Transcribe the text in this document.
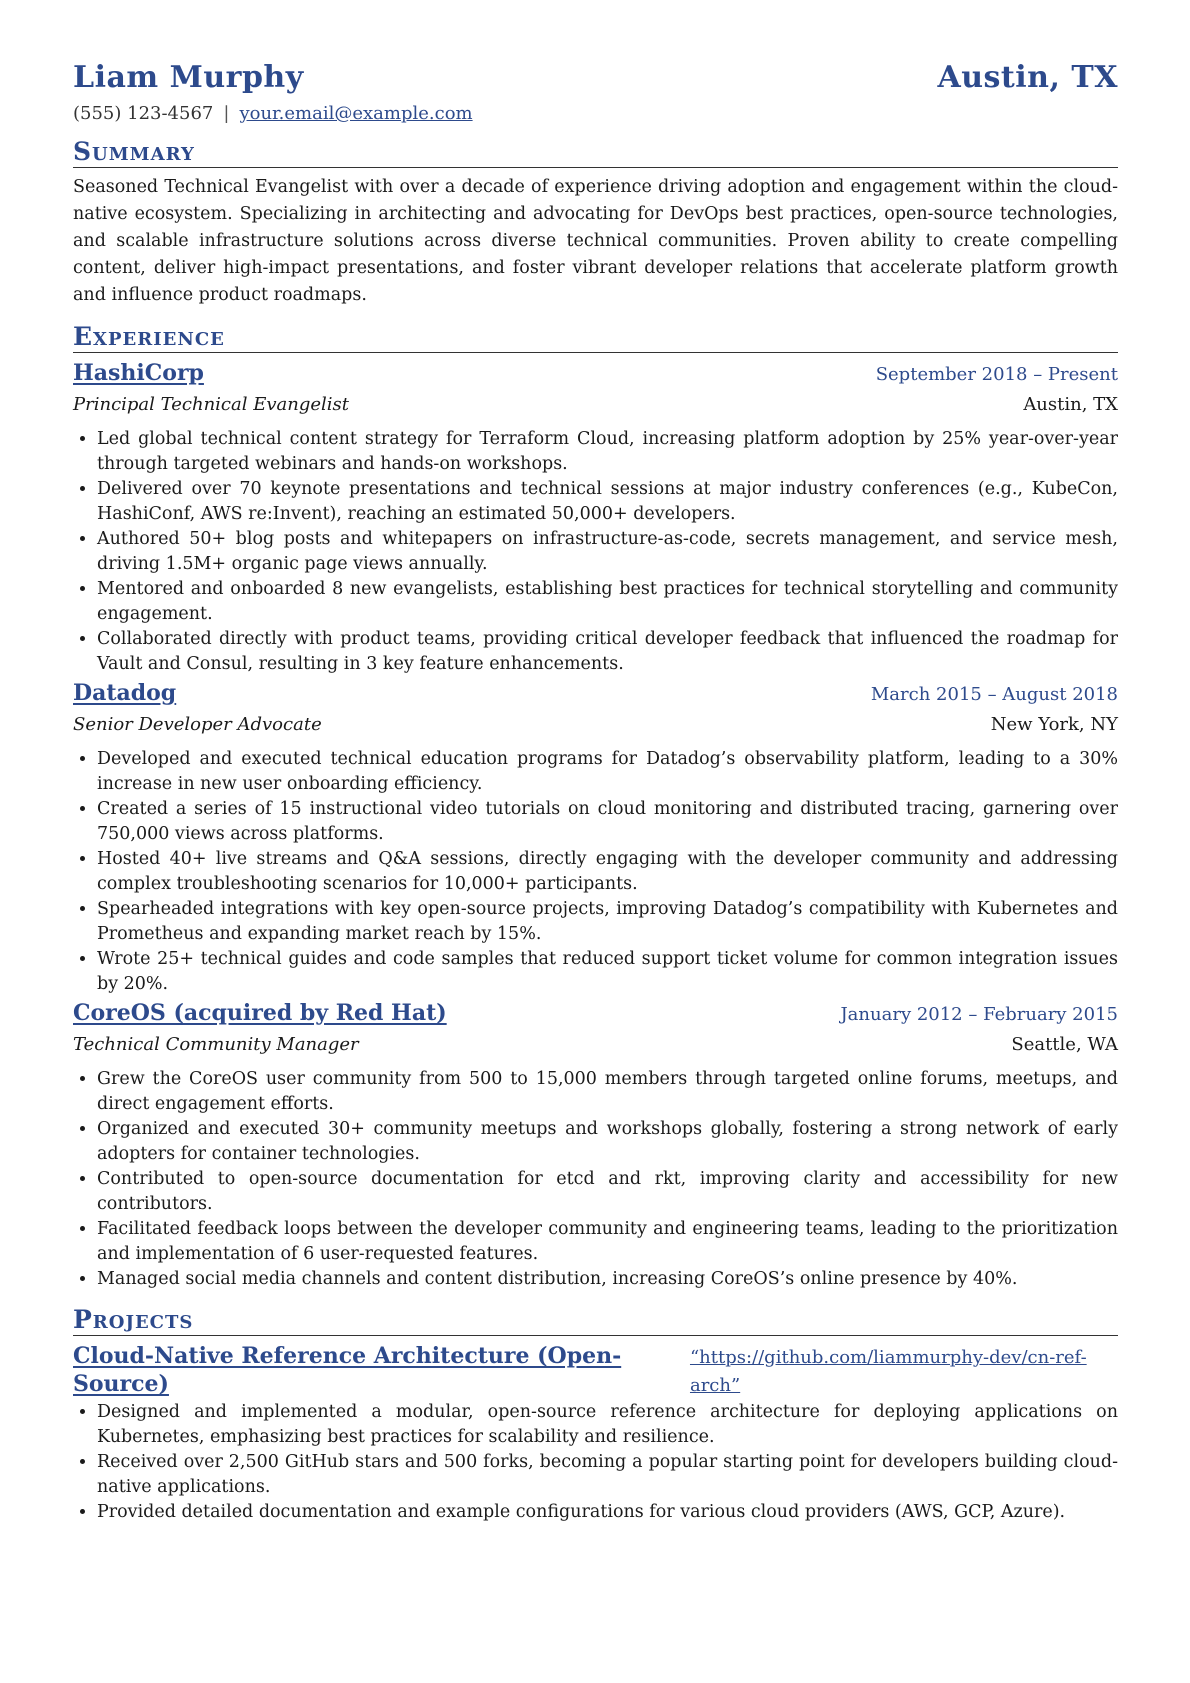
Liam Murphy	Austin, TX
(555) 123-4567 | your.email@example.com
Summary

Seasoned Technical Evangelist with over a decade of experience driving adoption and engagement within the cloud-native ecosystem. Specializing in architecting and advocating for DevOps best practices, open-source technologies, and scalable infrastructure solutions across diverse technical communities. Proven ability to create compelling content, deliver high-impact presentations, and foster vibrant developer relations that accelerate platform growth and influence product roadmaps.

Experience
HashiCorp	September 2018 – Present
Principal Technical Evangelist	Austin, TX
• Led global technical content strategy for Terraform Cloud, increasing platform adoption by 25% year-over-year through targeted webinars and hands-on workshops.
• Delivered over 70 keynote presentations and technical sessions at major industry conferences (e.g., KubeCon, HashiConf, AWS re:Invent), reaching an estimated 50,000+ developers.
• Authored 50+ blog posts and whitepapers on infrastructure-as-code, secrets management, and service mesh, driving 1.5M+ organic page views annually.
• Mentored and onboarded 8 new evangelists, establishing best practices for technical storytelling and community engagement.
• Collaborated directly with product teams, providing critical developer feedback that influenced the roadmap for Vault and Consul, resulting in 3 key feature enhancements.
Datadog	March 2015 – August 2018
Senior Developer Advocate	New York, NY
• Developed and executed technical education programs for Datadog’s observability platform, leading to a 30% increase in new user onboarding efficiency.
• Created a series of 15 instructional video tutorials on cloud monitoring and distributed tracing, garnering over 750,000 views across platforms.
• Hosted 40+ live streams and Q&A sessions, directly engaging with the developer community and addressing complex troubleshooting scenarios for 10,000+ participants.
• Spearheaded integrations with key open-source projects, improving Datadog’s compatibility with Kubernetes and Prometheus and expanding market reach by 15%.
• Wrote 25+ technical guides and code samples that reduced support ticket volume for common integration issues by 20%.
CoreOS (acquired by Red Hat)	January 2012 – February 2015
Technical Community Manager	Seattle, WA
• Grew the CoreOS user community from 500 to 15,000 members through targeted online forums, meetups, and direct engagement efforts.
• Organized and executed 30+ community meetups and workshops globally, fostering a strong network of early adopters for container technologies.
• Contributed to open-source documentation for etcd and rkt, improving clarity and accessibility for new contributors.
• Facilitated feedback loops between the developer community and engineering teams, leading to the prioritization and implementation of 6 user-requested features.
• Managed social media channels and content distribution, increasing CoreOS’s online presence by 40%.
Projects
Cloud-Native Reference Architecture (Open-Source)
“https://github.com/liammurphy-dev/cn-ref-arch”
• Designed and implemented a modular, open-source reference architecture for deploying applications on Kubernetes, emphasizing best practices for scalability and resilience.
• Received over 2,500 GitHub stars and 500 forks, becoming a popular starting point for developers building cloud-native applications.
• Provided detailed documentation and example configurations for various cloud providers (AWS, GCP, Azure).
